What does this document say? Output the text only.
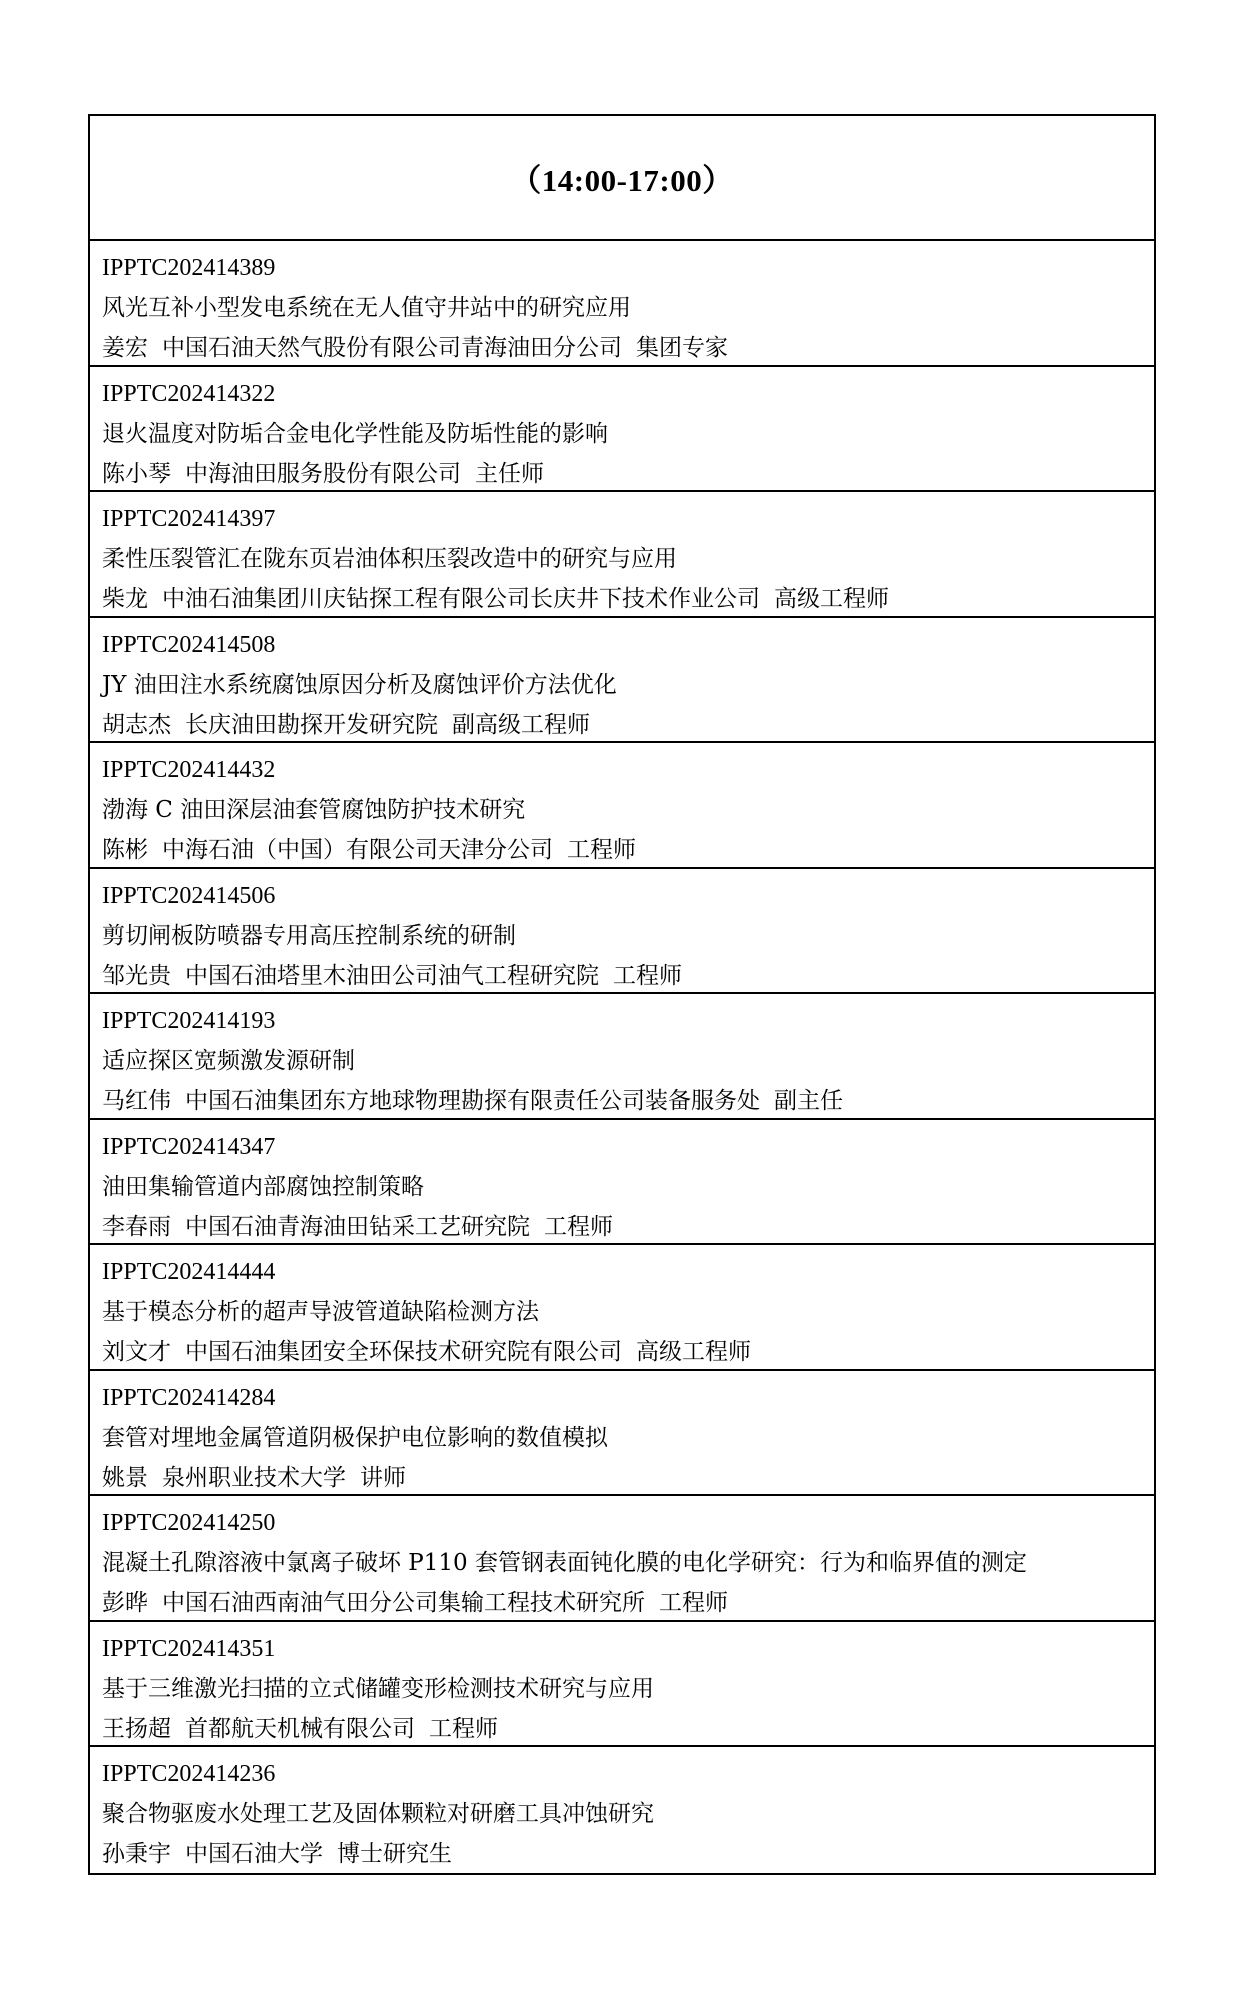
（14:00-17:00）
IPPTC202414389
风光互补小型发电系统在无人值守井站中的研究应用
姜宏 中国石油天然气股份有限公司青海油田分公司 集团专家
IPPTC202414322
退火温度对防垢合金电化学性能及防垢性能的影响
陈小琴 中海油田服务股份有限公司 主任师
IPPTC202414397
柔性压裂管汇在陇东页岩油体积压裂改造中的研究与应用
柴龙 中油石油集团川庆钻探工程有限公司长庆井下技术作业公司 高级工程师
IPPTC202414508
JY 油田注水系统腐蚀原因分析及腐蚀评价方法优化
胡志杰 长庆油田勘探开发研究院 副高级工程师
IPPTC202414432
渤海 C 油田深层油套管腐蚀防护技术研究
陈彬 中海石油（中国）有限公司天津分公司 工程师
IPPTC202414506
剪切闸板防喷器专用高压控制系统的研制
邹光贵 中国石油塔里木油田公司油气工程研究院 工程师
IPPTC202414193
适应探区宽频激发源研制
马红伟 中国石油集团东方地球物理勘探有限责任公司装备服务处 副主任
IPPTC202414347
油田集输管道内部腐蚀控制策略
李春雨 中国石油青海油田钻采工艺研究院 工程师
IPPTC202414444
基于模态分析的超声导波管道缺陷检测方法
刘文才 中国石油集团安全环保技术研究院有限公司 高级工程师
IPPTC202414284
套管对埋地金属管道阴极保护电位影响的数值模拟
姚景 泉州职业技术大学 讲师
IPPTC202414250
混凝土孔隙溶液中氯离子破坏 P110 套管钢表面钝化膜的电化学研究：行为和临界值的测定
彭晔 中国石油西南油气田分公司集输工程技术研究所 工程师
IPPTC202414351
基于三维激光扫描的立式储罐变形检测技术研究与应用
王扬超 首都航天机械有限公司 工程师
IPPTC202414236
聚合物驱废水处理工艺及固体颗粒对研磨工具冲蚀研究
孙秉宇 中国石油大学 博士研究生
